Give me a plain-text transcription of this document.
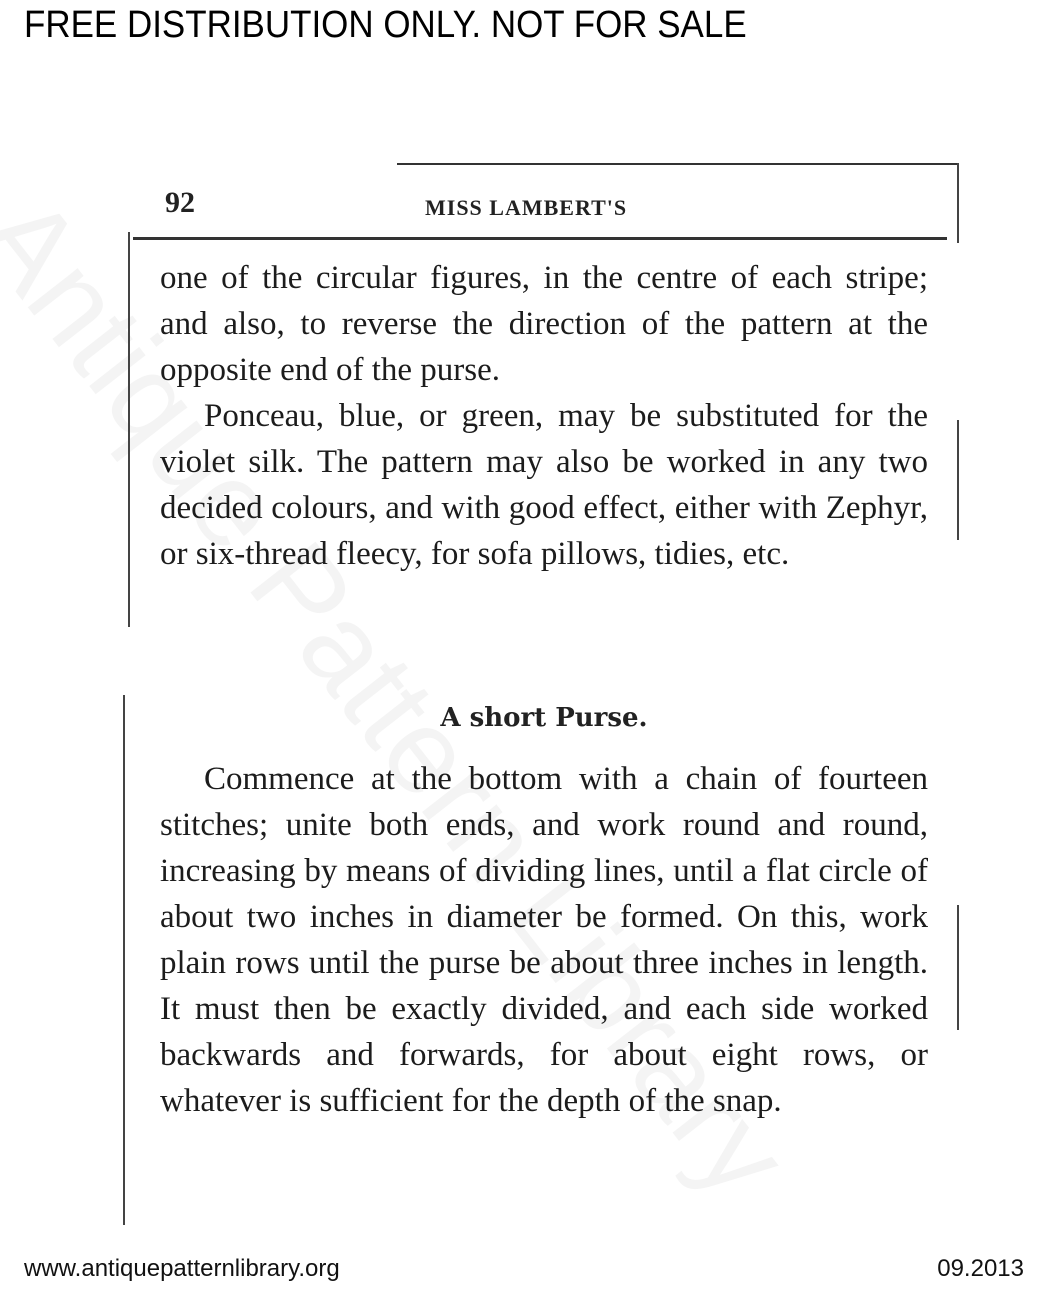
FREE DISTRIBUTION ONLY. NOT FOR SALE
92	MISS LAMBERT'S

one of the circular figures, in the centre of each stripe; and also, to reverse the direction of the pattern at the opposite end of the purse.

Ponceau, blue, or green, may be substituted for the violet silk. The pattern may also be worked in any two decided colours, and with good effect, either with Zephyr, or six-thread fleecy, for sofa pillows, tidies, etc.

A short Purse.

Commence at the bottom with a chain of fourteen stitches; unite both ends, and work round and round, increasing by means of dividing lines, until a flat circle of about two inches in diameter be formed. On this, work plain rows until the purse be about three inches in length. It must then be exactly divided, and each side worked backwards and forwards, for about eight rows, or whatever is sufficient for the depth of the snap.

www.antiquepatternlibrary.org	09.2013
